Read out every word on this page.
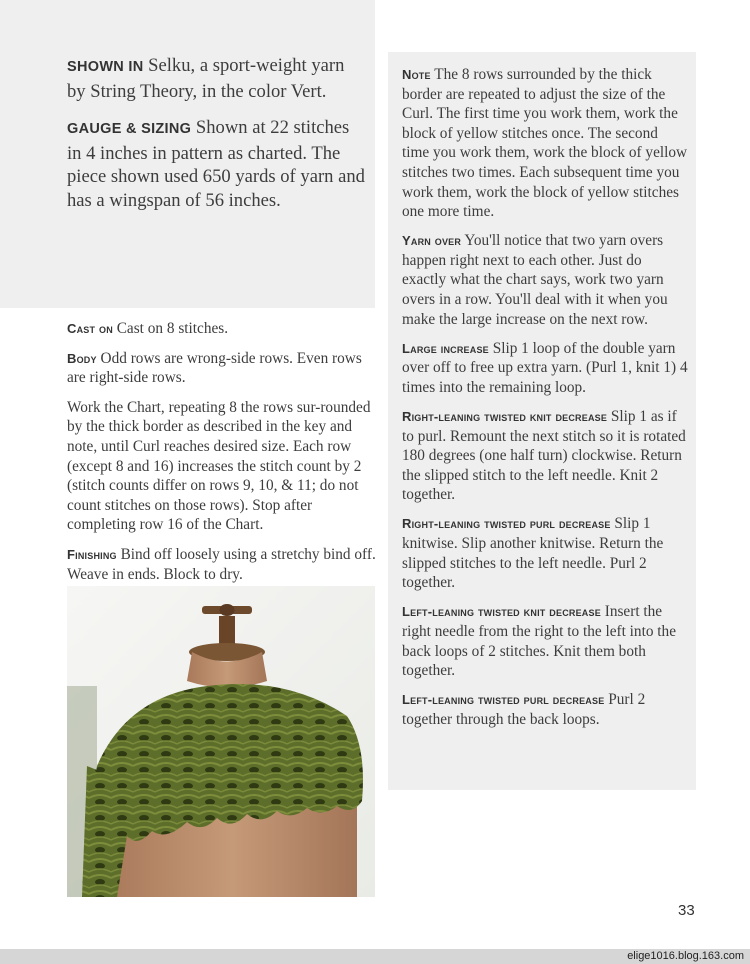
SHOWN IN Selku, a sport-weight yarn by String Theory, in the color Vert.

GAUGE & SIZING Shown at 22 stitches in 4 inches in pattern as charted. The piece shown used 650 yards of yarn and has a wingspan of 56 inches.

Cast on Cast on 8 stitches.

Body Odd rows are wrong-side rows. Even rows are right-side rows.

Work the Chart, repeating 8 the rows sur-rounded by the thick border as described in the key and note, until Curl reaches desired size. Each row (except 8 and 16) increases the stitch count by 2 (stitch counts differ on rows 9, 10, & 11; do not count stitches on those rows). Stop after completing row 16 of the Chart.

Finishing Bind off loosely using a stretchy bind off. Weave in ends. Block to dry.

Note The 8 rows surrounded by the thick border are repeated to adjust the size of the Curl. The first time you work them, work the block of yellow stitches once. The second time you work them, work the block of yellow stitches two times. Each subsequent time you work them, work the block of yellow stitches one more time.

Yarn over You'll notice that two yarn overs happen right next to each other. Just do exactly what the chart says, work two yarn overs in a row. You'll deal with it when you make the large increase on the next row.

Large increase Slip 1 loop of the double yarn over off to free up extra yarn. (Purl 1, knit 1) 4 times into the remaining loop.

Right-leaning twisted knit decrease Slip 1 as if to purl. Remount the next stitch so it is rotated 180 degrees (one half turn) clockwise. Return the slipped stitch to the left needle. Knit 2 together.

Right-leaning twisted purl decrease Slip 1 knitwise. Slip another knitwise. Return the slipped stitches to the left needle. Purl 2 together.

Left-leaning twisted knit decrease Insert the right needle from the right to the left into the back loops of 2 stitches. Knit them both together.

Left-leaning twisted purl decrease Purl 2 together through the back loops.

33
elige1016.blog.163.com
